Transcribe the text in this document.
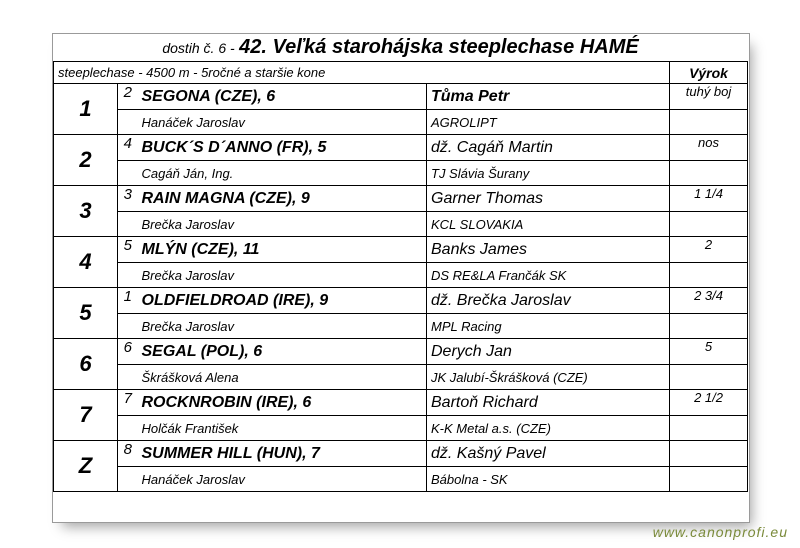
dostih č. 6 - 42. Veľká starohájska steeplechase HAMÉ				
steeplechase - 4500 m - 5ročné a staršie kone				Výrok
1	2	SEGONA (CZE), 6	Tůma Petr	tuhý boj
		Hanáček Jaroslav	AGROLIPT	
2	4	BUCK´S D´ANNO (FR), 5	dž. Cagáň Martin	nos
		Cagáň Ján, Ing.	TJ Slávia Šurany	
3	3	RAIN MAGNA (CZE), 9	Garner Thomas	1 1/4
		Brečka Jaroslav	KCL SLOVAKIA	
4	5	MLÝN (CZE), 11	Banks James	2
		Brečka Jaroslav	DS RE&LA Frančák SK	
5	1	OLDFIELDROAD (IRE), 9	dž. Brečka Jaroslav	2 3/4
		Brečka Jaroslav	MPL Racing	
6	6	SEGAL (POL), 6	Derych Jan	5
		Škrášková Alena	JK Jalubí-Škrášková (CZE)	
7	7	ROCKNROBIN (IRE), 6	Bartoň Richard	2 1/2
		Holčák František	K-K Metal a.s. (CZE)	
Z	8	SUMMER HILL (HUN), 7	dž. Kašný Pavel	
		Hanáček Jaroslav	Bábolna - SK	
www.canonprofi.eu
